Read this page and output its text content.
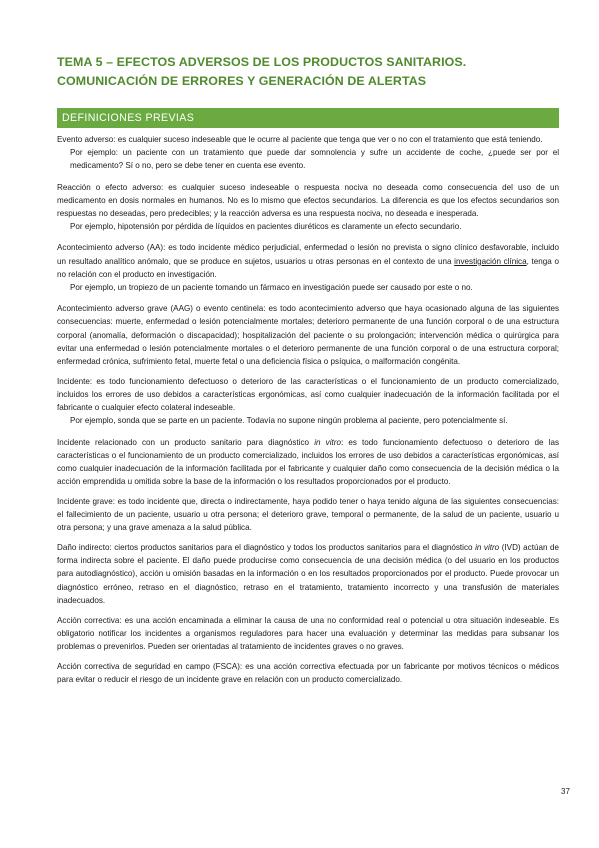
TEMA 5 – EFECTOS ADVERSOS DE LOS PRODUCTOS SANITARIOS. COMUNICACIÓN DE ERRORES Y GENERACIÓN DE ALERTAS
DEFINICIONES PREVIAS

Evento adverso: es cualquier suceso indeseable que le ocurre al paciente que tenga que ver o no con el tratamiento que está teniendo.

Por ejemplo: un paciente con un tratamiento que puede dar somnolencia y sufre un accidente de coche, ¿puede ser por el medicamento? Sí o no, pero se debe tener en cuenta ese evento.

Reacción o efecto adverso: es cualquier suceso indeseable o respuesta nociva no deseada como consecuencia del uso de un medicamento en dosis normales en humanos. No es lo mismo que efectos secundarios. La diferencia es que los efectos secundarios son respuestas no deseadas, pero predecibles; y la reacción adversa es una respuesta nociva, no deseada e inesperada.

Por ejemplo, hipotensión por pérdida de líquidos en pacientes diuréticos es claramente un efecto secundario.

Acontecimiento adverso (AA): es todo incidente médico perjudicial, enfermedad o lesión no prevista o signo clínico desfavorable, incluido un resultado analítico anómalo, que se produce en sujetos, usuarios u otras personas en el contexto de una investigación clínica, tenga o no relación con el producto en investigación.

Por ejemplo, un tropiezo de un paciente tomando un fármaco en investigación puede ser causado por este o no.

Acontecimiento adverso grave (AAG) o evento centinela: es todo acontecimiento adverso que haya ocasionado alguna de las siguientes consecuencias: muerte, enfermedad o lesión potencialmente mortales; deterioro permanente de una función corporal o de una estructura corporal (anomalía, deformación o discapacidad); hospitalización del paciente o su prolongación; intervención médica o quirúrgica para evitar una enfermedad o lesión potencialmente mortales o el deterioro permanente de una función corporal o de una estructura corporal; enfermedad crónica, sufrimiento fetal, muerte fetal o una deficiencia física o psíquica, o malformación congénita.

Incidente: es todo funcionamiento defectuoso o deterioro de las características o el funcionamiento de un producto comercializado, incluidos los errores de uso debidos a características ergonómicas, así como cualquier inadecuación de la información facilitada por el fabricante o cualquier efecto colateral indeseable.

Por ejemplo, sonda que se parte en un paciente. Todavía no supone ningún problema al paciente, pero potencialmente sí.

Incidente relacionado con un producto sanitario para diagnóstico in vitro: es todo funcionamiento defectuoso o deterioro de las características o el funcionamiento de un producto comercializado, incluidos los errores de uso debidos a características ergonómicas, así como cualquier inadecuación de la información facilitada por el fabricante y cualquier daño como consecuencia de la decisión médica o la acción emprendida u omitida sobre la base de la información o los resultados proporcionados por el producto.

Incidente grave: es todo incidente que, directa o indirectamente, haya podido tener o haya tenido alguna de las siguientes consecuencias: el fallecimiento de un paciente, usuario u otra persona; el deterioro grave, temporal o permanente, de la salud de un paciente, usuario u otra persona; y una grave amenaza a la salud pública.

Daño indirecto: ciertos productos sanitarios para el diagnóstico y todos los productos sanitarios para el diagnóstico in vitro (IVD) actúan de forma indirecta sobre el paciente. El daño puede producirse como consecuencia de una decisión médica (o del usuario en los productos para autodiagnóstico), acción u omisión basadas en la información o en los resultados proporcionados por el producto. Puede provocar un diagnóstico erróneo, retraso en el diagnóstico, retraso en el tratamiento, tratamiento incorrecto y una transfusión de materiales inadecuados.

Acción correctiva: es una acción encaminada a eliminar la causa de una no conformidad real o potencial u otra situación indeseable. Es obligatorio notificar los incidentes a organismos reguladores para hacer una evaluación y determinar las medidas para subsanar los problemas o prevenirlos. Pueden ser orientadas al tratamiento de incidentes graves o no graves.

Acción correctiva de seguridad en campo (FSCA): es una acción correctiva efectuada por un fabricante por motivos técnicos o médicos para evitar o reducir el riesgo de un incidente grave en relación con un producto comercializado.

37
